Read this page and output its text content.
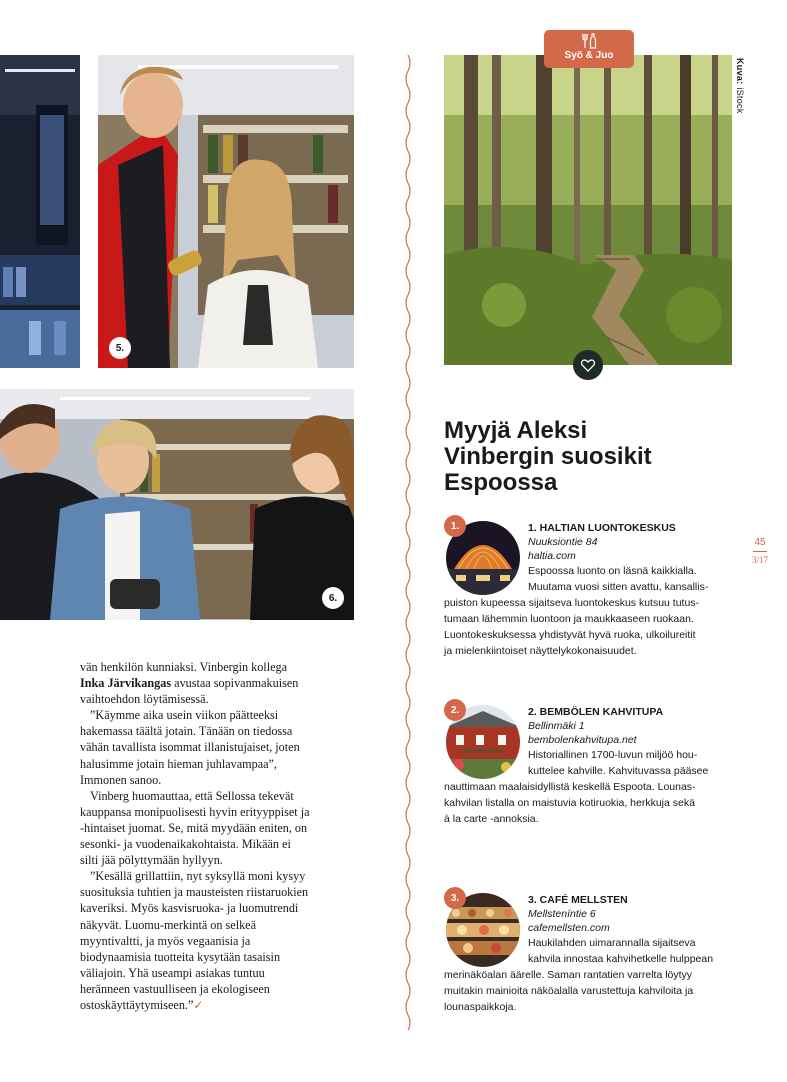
5.
6.

vän henkilön kunniaksi. Vinbergin kollega Inka Järvikangas avustaa sopivanmakuisen vaihtoehdon löytämisessä.

”Käymme aika usein viikon päätteeksi hakemassa täältä jotain. Tänään on tiedossa vähän tavallista isommat illanistujaiset, joten halusimme jotain hieman juhlavampaa”, Immonen sanoo.

Vinberg huomauttaa, että Sellossa tekevät kauppansa monipuolisesti hyvin erityyppiset ja -hintaiset juomat. Se, mitä myydään eniten, on sesonki- ja vuodenaikakohtaista. Mikään ei silti jää pölyttymään hyllyyn.

”Kesällä grillattiin, nyt syksyllä moni kysyy suosituksia tuhtien ja mausteisten riistaruokien kaveriksi. Myös kasvisruoka- ja luomutrendi näkyvät. Luomu-merkintä on selkeä myyntivaltti, ja myös vegaanisia ja biodynaamisia tuotteita kysytään tasaisin väliajoin. Yhä useampi asiakas tuntuu heränneen vastuulliseen ja ekologiseen ostoskäyttäytymiseen.”✓

Syö & Juo
Kuva: iStock
Myyjä Aleksi
Vinbergin suosikit
Espoossa
1.	1. HALTIAN LUONTOKESKUS
Nuuksiontie 84
haltia.com
Espoossa luonto on läsnä kaikkialla.
Muutama vuosi sitten avattu, kansallis-
puiston kupeessa sijaitseva luontokeskus kutsuu tutus-
tumaan lähemmin luontoon ja maukkaaseen ruokaan.
Luontokeskuksessa yhdistyvät hyvä ruoka, ulkoilureitit
ja mielenkiintoiset näyttelykokonaisuudet.
2.	2. BEMBÖLEN KAHVITUPA
Bellinmäki 1
bembolenkahvitupa.net
Historiallinen 1700-luvun miljöö hou-
kuttelee kahville. Kahvituvassa pääsee
nauttimaan maalaisidyllistä keskellä Espoota. Lounas-
kahvilan listalla on maistuvia kotiruokia, herkkuja sekä
à la carte -annoksia.
3.	3. CAFÉ MELLSTEN
Mellsteníntie 6
cafemellsten.com
Haukilahden uimarannalla sijaitseva
kahvila innostaa kahvihetkelle hulppean
merinäköalan äärelle. Saman rantatien varrelta löytyy
muitakin mainioita näköalalla varustettuja kahviloita ja
lounaspaikkoja.
45
3/17
